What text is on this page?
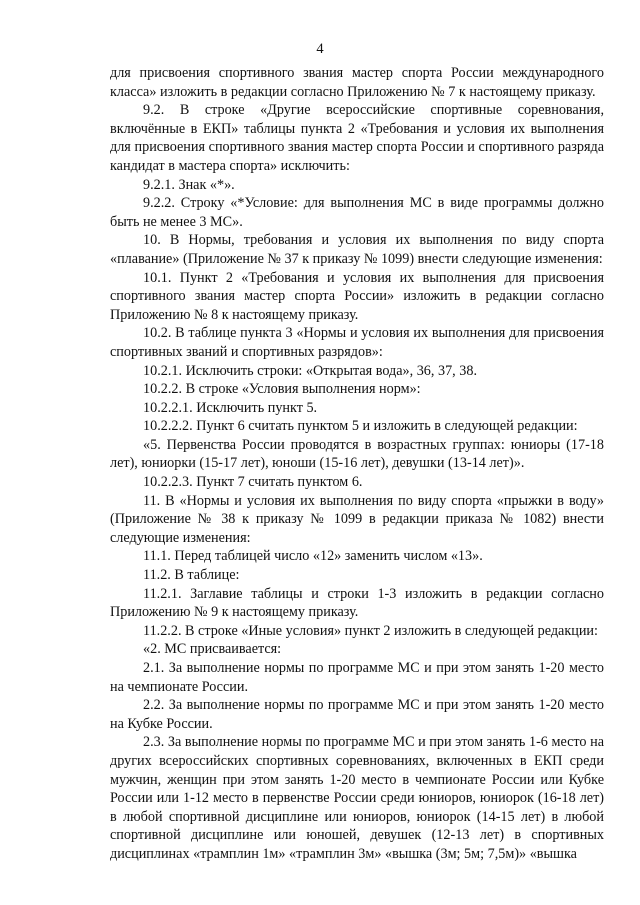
4

для присвоения спортивного звания мастер спорта России международного класса» изложить в редакции согласно Приложению № 7 к настоящему приказу.

9.2. В строке «Другие всероссийские спортивные соревнования, включённые в ЕКП» таблицы пункта 2 «Требования и условия их выполнения для присвоения спортивного звания мастер спорта России и спортивного разряда кандидат в мастера спорта» исключить:

9.2.1. Знак «*».

9.2.2. Строку «*Условие: для выполнения МС в виде программы должно быть не менее 3 МС».

10. В Нормы, требования и условия их выполнения по виду спорта «плавание» (Приложение № 37 к приказу № 1099) внести следующие изменения:

10.1. Пункт 2 «Требования и условия их выполнения для присвоения спортивного звания мастер спорта России» изложить в редакции согласно Приложению № 8 к настоящему приказу.

10.2. В таблице пункта 3 «Нормы и условия их выполнения для присвоения спортивных званий и спортивных разрядов»:

10.2.1. Исключить строки: «Открытая вода», 36, 37, 38.

10.2.2. В строке «Условия выполнения норм»:

10.2.2.1. Исключить пункт 5.

10.2.2.2. Пункт 6 считать пунктом 5 и изложить в следующей редакции:

«5. Первенства России проводятся в возрастных группах: юниоры (17-18 лет), юниорки (15-17 лет), юноши (15-16 лет), девушки (13-14 лет)».

10.2.2.3. Пункт 7 считать пунктом 6.

11. В «Нормы и условия их выполнения по виду спорта «прыжки в воду» (Приложение № 38 к приказу № 1099 в редакции приказа № 1082) внести следующие изменения:

11.1. Перед таблицей число «12» заменить числом «13».

11.2. В таблице:

11.2.1. Заглавие таблицы и строки 1-3 изложить в редакции согласно Приложению № 9 к настоящему приказу.

11.2.2. В строке «Иные условия» пункт 2 изложить в следующей редакции:

«2. МС присваивается:

2.1. За выполнение нормы по программе МС и при этом занять 1-20 место на чемпионате России.

2.2. За выполнение нормы по программе МС и при этом занять 1-20 место на Кубке России.

2.3. За выполнение нормы по программе МС и при этом занять 1-6 место на других всероссийских спортивных соревнованиях, включенных в ЕКП среди мужчин, женщин при этом занять 1-20 место в чемпионате России или Кубке России или 1-12 место в первенстве России среди юниоров, юниорок (16-18 лет) в любой спортивной дисциплине или юниоров, юниорок (14-15 лет) в любой спортивной дисциплине или юношей, девушек (12-13 лет) в спортивных дисциплинах «трамплин 1м» «трамплин 3м» «вышка (3м; 5м; 7,5м)» «вышка
